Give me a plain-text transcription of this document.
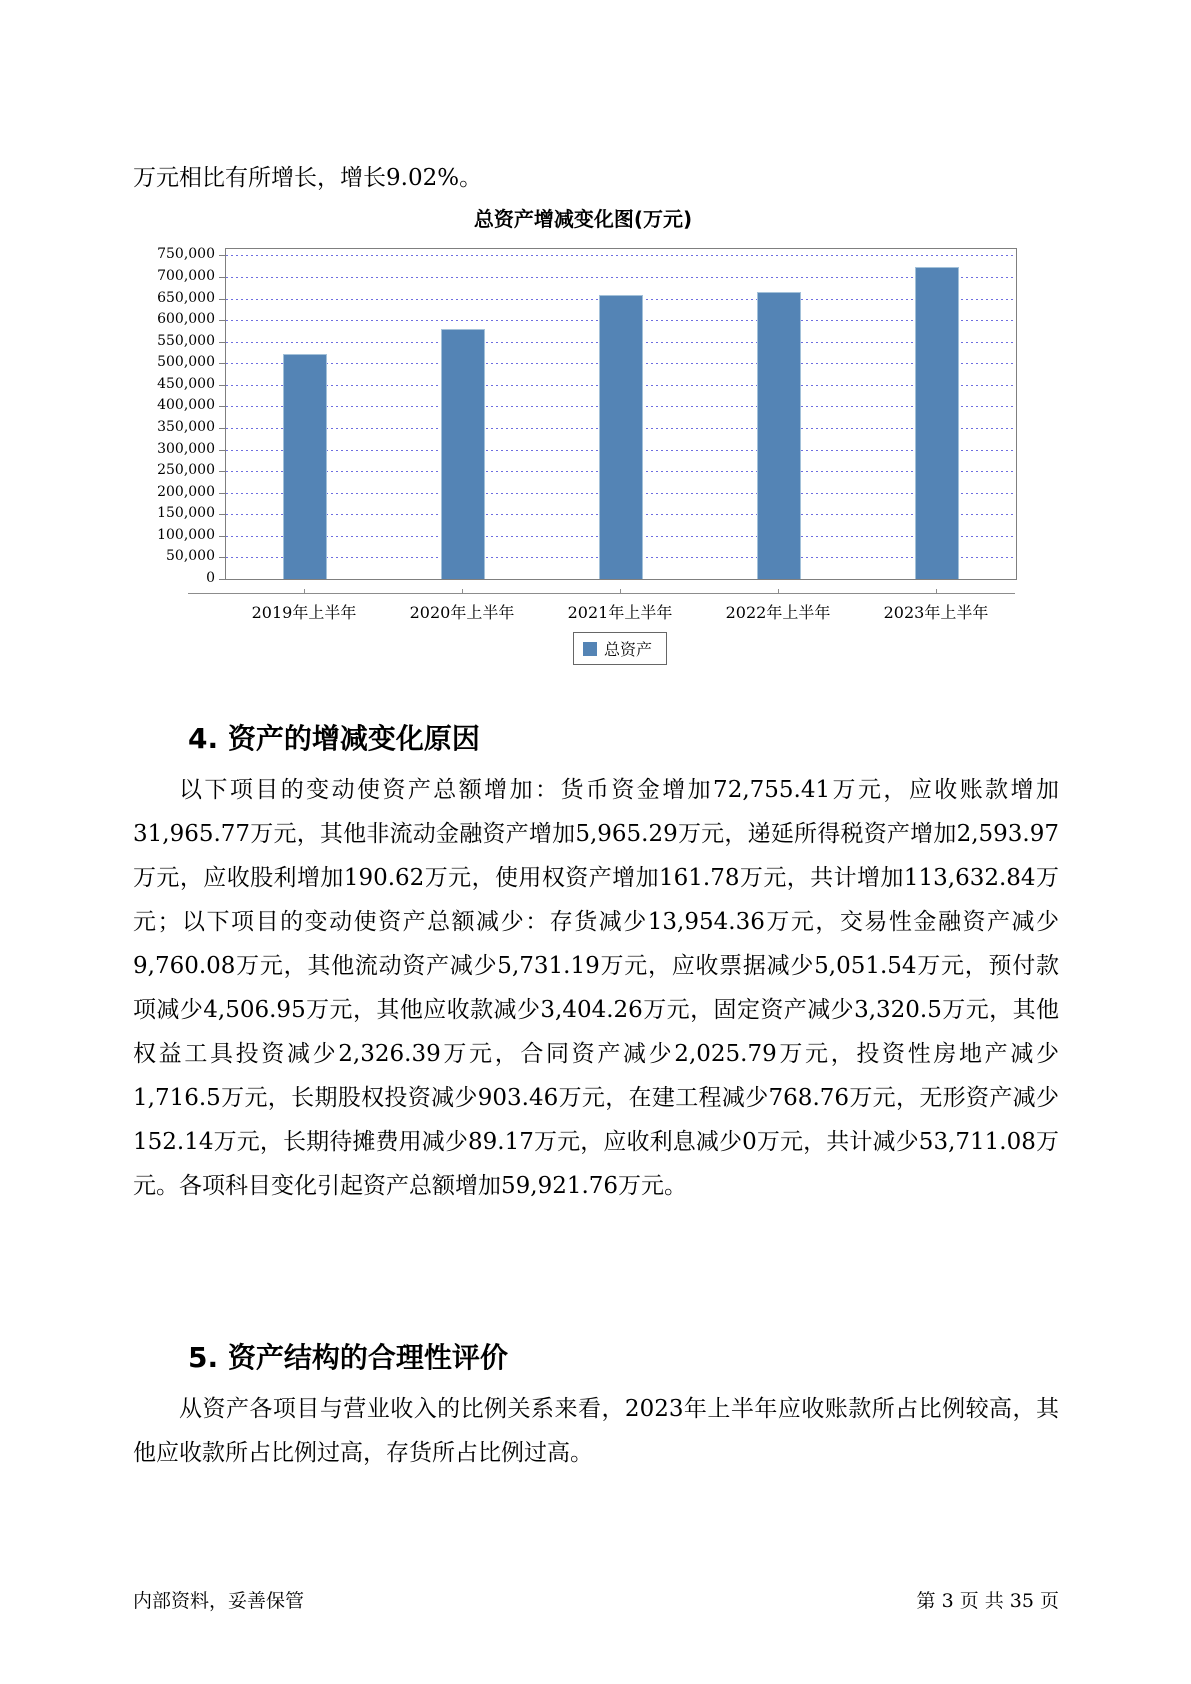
万元相比有所增长，增长9.02%。

总资产增减变化图(万元)
0
50,000
100,000
150,000
200,000
250,000
300,000
350,000
400,000
450,000
500,000
550,000
600,000
650,000
700,000
750,000
2019年上半年	2020年上半年	2021年上半年	2022年上半年	2023年上半年
总资产
4. 资产的增减变化原因

以下项目的变动使资产总额增加：货币资金增加72,755.41万元，应收账款增加31,965.77万元，其他非流动金融资产增加5,965.29万元，递延所得税资产增加2,593.97万元，应收股利增加190.62万元，使用权资产增加161.78万元，共计增加113,632.84万元；以下项目的变动使资产总额减少：存货减少13,954.36万元，交易性金融资产减少9,760.08万元，其他流动资产减少5,731.19万元，应收票据减少5,051.54万元，预付款项减少4,506.95万元，其他应收款减少3,404.26万元，固定资产减少3,320.5万元，其他权益工具投资减少2,326.39万元，合同资产减少2,025.79万元，投资性房地产减少1,716.5万元，长期股权投资减少903.46万元，在建工程减少768.76万元，无形资产减少152.14万元，长期待摊费用减少89.17万元，应收利息减少0万元，共计减少53,711.08万元。各项科目变化引起资产总额增加59,921.76万元。

5. 资产结构的合理性评价

从资产各项目与营业收入的比例关系来看，2023年上半年应收账款所占比例较高，其他应收款所占比例过高，存货所占比例过高。

内部资料，妥善保管	第 3 页 共 35 页
